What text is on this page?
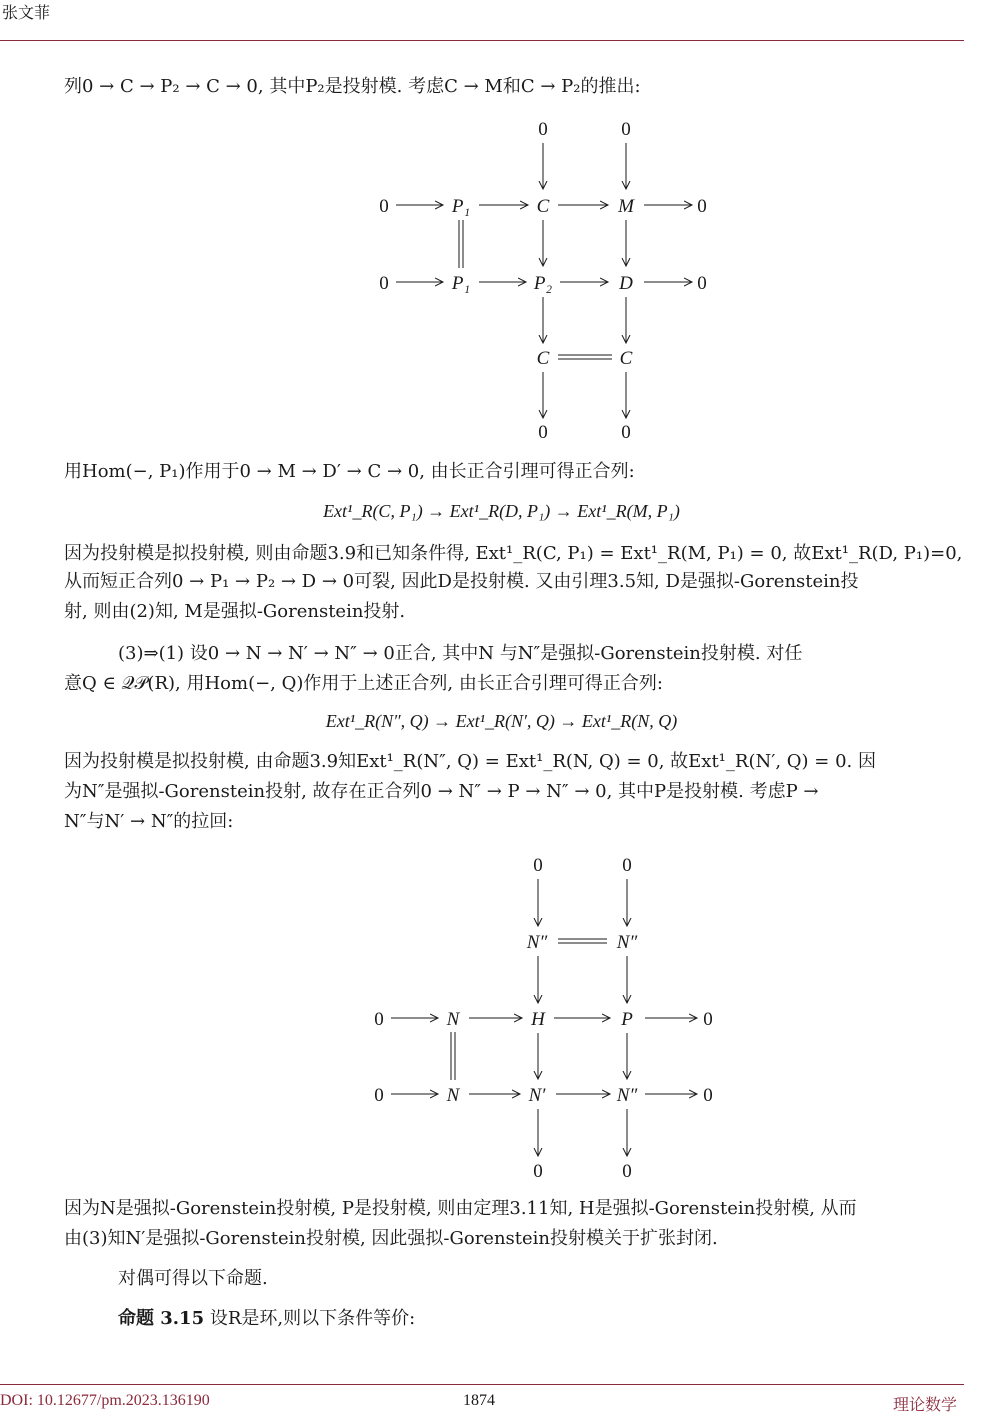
张文菲
列0 → C → P₂ → C → 0, 其中P₂是投射模. 考虑C → M和C → P₂的推出:
0	0
0	P₁	C	M	0
0	P₁	P₂	D	0
C	C
0	0
用Hom(−, P₁)作用于0 → M → D′ → C → 0, 由长正合引理可得正合列:
Ext¹_R(C, P₁) → Ext¹_R(D, P₁) → Ext¹_R(M, P₁)
因为投射模是拟投射模, 则由命题3.9和已知条件得, Ext¹_R(C, P₁) = Ext¹_R(M, P₁) = 0, 故Ext¹_R(D, P₁)=0,
从而短正合列0 → P₁ → P₂ → D → 0可裂, 因此D是投射模. 又由引理3.5知, D是强拟-Gorenstein投
射, 则由(2)知, M是强拟-Gorenstein投射.
(3)⇒(1) 设0 → N → N′ → N″ → 0正合, 其中N 与N″是强拟-Gorenstein投射模. 对任
意Q ∈ 𝒬𝒫(R), 用Hom(−, Q)作用于上述正合列, 由长正合引理可得正合列:
Ext¹_R(N″, Q) → Ext¹_R(N′, Q) → Ext¹_R(N, Q)
因为投射模是拟投射模, 由命题3.9知Ext¹_R(N″, Q) = Ext¹_R(N, Q) = 0, 故Ext¹_R(N′, Q) = 0. 因
为N″是强拟-Gorenstein投射, 故存在正合列0 → N″ → P → N″ → 0, 其中P是投射模. 考虑P →
N″与N′ → N″的拉回:
0	0
N″	N″
0	N	H	P	0
0	N	N′	N″	0
0	0
因为N是强拟-Gorenstein投射模, P是投射模, 则由定理3.11知, H是强拟-Gorenstein投射模, 从而
由(3)知N′是强拟-Gorenstein投射模, 因此强拟-Gorenstein投射模关于扩张封闭.
对偶可得以下命题.
命题 3.15 设R是环,则以下条件等价:
DOI: 10.12677/pm.2023.136190	1874	理论数学
